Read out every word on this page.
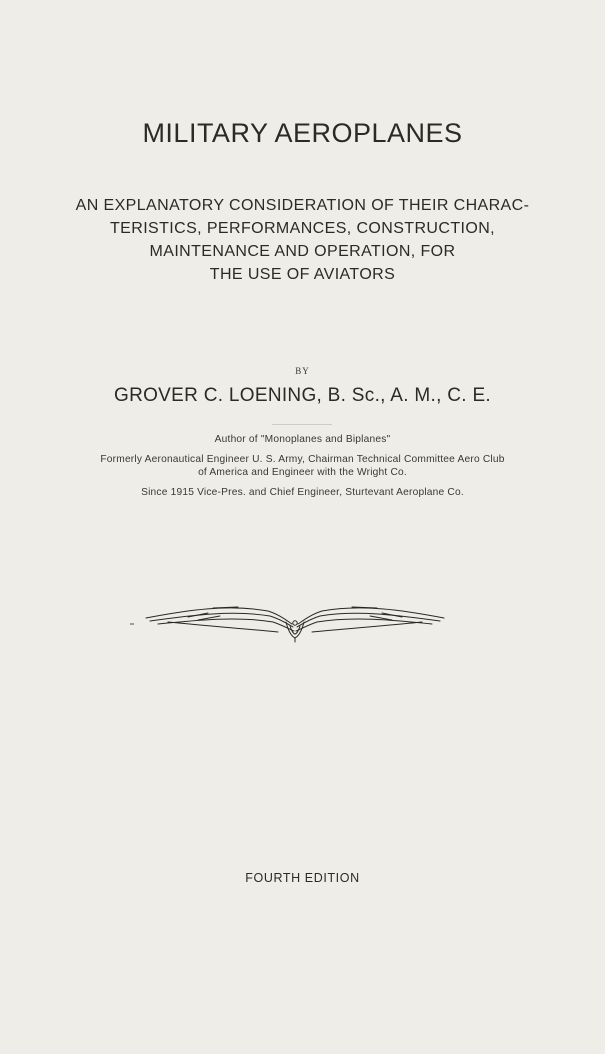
MILITARY AEROPLANES
AN EXPLANATORY CONSIDERATION OF THEIR CHARAC-
TERISTICS, PERFORMANCES, CONSTRUCTION,
MAINTENANCE AND OPERATION, FOR
THE USE OF AVIATORS
BY
GROVER C. LOENING, B. Sc., A. M., C. E.
Author of "Monoplanes and Biplanes"
Formerly Aeronautical Engineer U. S. Army, Chairman Technical Committee Aero Club
of America and Engineer with the Wright Co.
Since 1915 Vice-Pres. and Chief Engineer, Sturtevant Aeroplane Co.
FOURTH EDITION
